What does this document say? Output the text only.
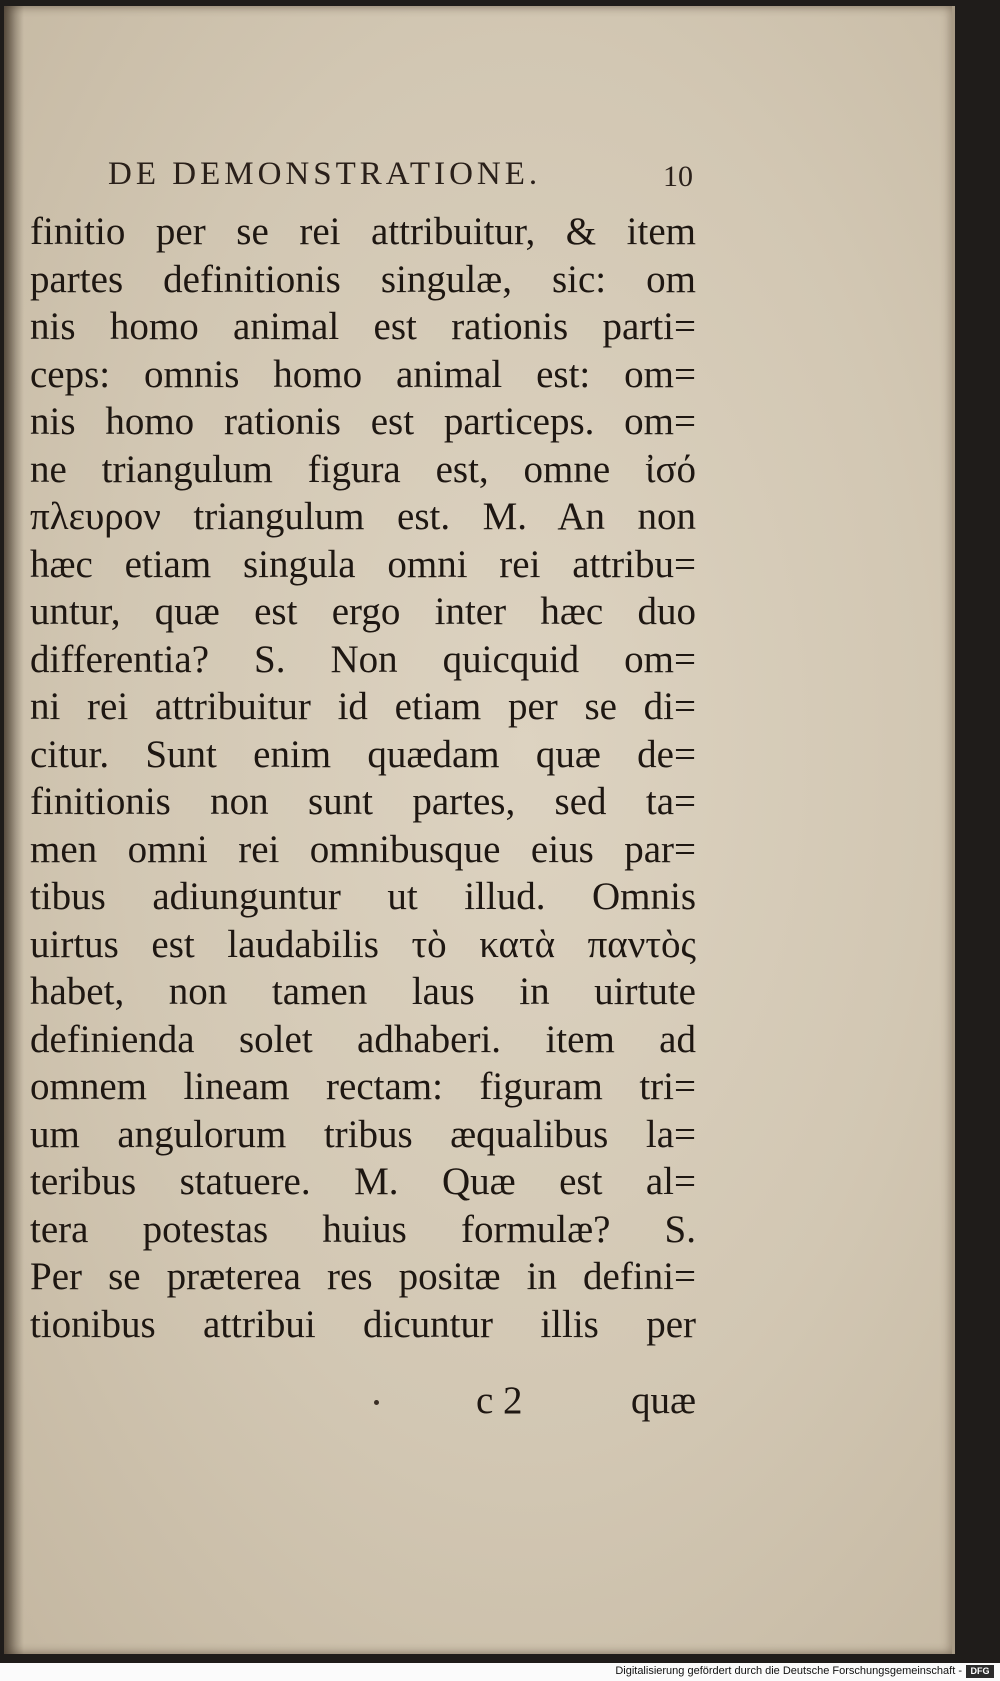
DE DEMONSTRATIONE.	10
finitio per se rei attribuitur, & item
partes definitionis singulæ, sic: om
nis homo animal est rationis parti=
ceps: omnis homo animal est: om=
nis homo rationis est particeps. om=
ne triangulum figura est, omne ἰσό
πλευρον triangulum est. M. An non
hæc etiam singula omni rei attribu=
untur, quæ est ergo inter hæc duo
differentia? S. Non quicquid om=
ni rei attribuitur id etiam per se di=
citur. Sunt enim quædam quæ de=
finitionis non sunt partes, sed ta=
men omni rei omnibusque eius par=
tibus adiunguntur ut illud. Omnis
uirtus est laudabilis τὸ κατὰ παντὸς
habet, non tamen laus in uirtute
definienda solet adhaberi. item ad
omnem lineam rectam: figuram tri=
um angulorum tribus æqualibus la=
teribus statuere. M. Quæ est al=
tera potestas huius formulæ? S.
Per se præterea res positæ in defini=
tionibus attribui dicuntur illis per
c 2	quæ
Digitalisierung gefördert durch die Deutsche Forschungsgemeinschaft - DFG
